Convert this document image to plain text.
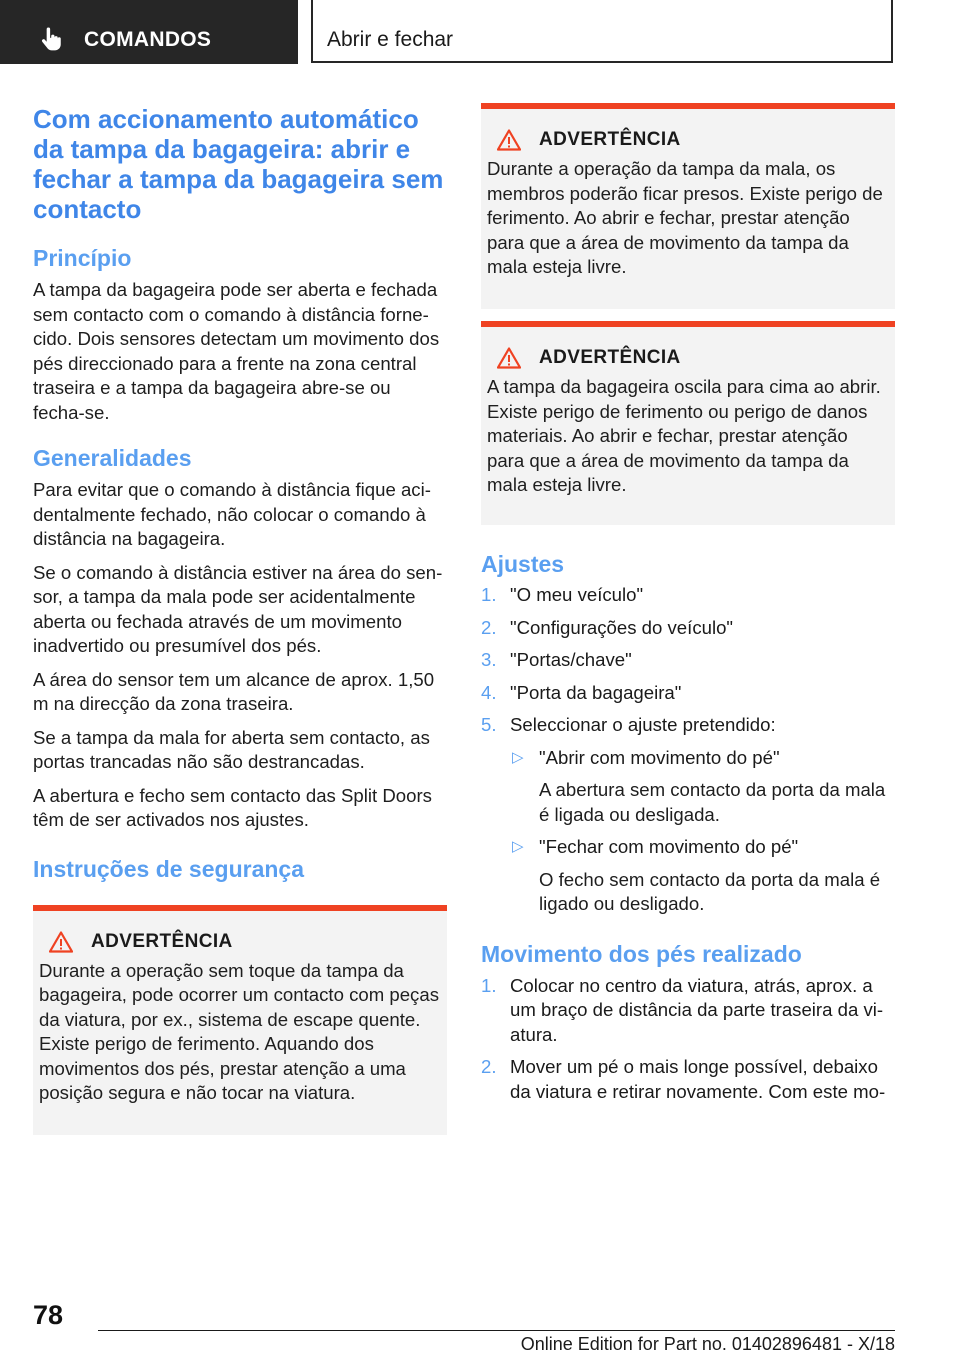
COMANDOS	Abrir e fechar
Com accionamento automático da tampa da bagageira: abrir e fechar a tampa da bagageira sem contacto
Princípio

A tampa da bagageira pode ser aberta e fechada sem contacto com o comando à distância fornecido. Dois sensores detectam um movimento dos pés direccionado para a frente na zona central traseira e a tampa da bagageira abre-se ou fecha-se.

Generalidades

Para evitar que o comando à distância fique acidentalmente fechado, não colocar o comando à distância na bagageira.

Se o comando à distância estiver na área do sensor, a tampa da mala pode ser acidentalmente aberta ou fechada através de um movimento inadvertido ou presumível dos pés.

A área do sensor tem um alcance de aprox. 1,50 m na direcção da zona traseira.

Se a tampa da mala for aberta sem contacto, as portas trancadas não são destrancadas.

A abertura e fecho sem contacto das Split Doors têm de ser activados nos ajustes.

Instruções de segurança
ADVERTÊNCIA

Durante a operação sem toque da tampa da bagageira, pode ocorrer um contacto com peças da viatura, por ex., sistema de escape quente. Existe perigo de ferimento. Aquando dos movimentos dos pés, prestar atenção a uma posição segura e não tocar na viatura.

ADVERTÊNCIA

Durante a operação da tampa da mala, os membros poderão ficar presos. Existe perigo de ferimento. Ao abrir e fechar, prestar atenção para que a área de movimento da tampa da mala esteja livre.

ADVERTÊNCIA

A tampa da bagageira oscila para cima ao abrir. Existe perigo de ferimento ou perigo de danos materiais. Ao abrir e fechar, prestar atenção para que a área de movimento da tampa da mala esteja livre.

Ajustes
1. "O meu veículo"
2. "Configurações do veículo"
3. "Portas/chave"
4. "Porta da bagageira"
5. Seleccionar o ajuste pretendido:
▷ "Abrir com movimento do pé"

A abertura sem contacto da porta da mala é ligada ou desligada.

▷ "Fechar com movimento do pé"

O fecho sem contacto da porta da mala é ligado ou desligado.

Movimento dos pés realizado
1. Colocar no centro da viatura, atrás, aprox. a um braço de distância da parte traseira da viatura.
2. Mover um pé o mais longe possível, debaixo da viatura e retirar novamente. Com este mo-
78
Online Edition for Part no. 01402896481 - X/18
